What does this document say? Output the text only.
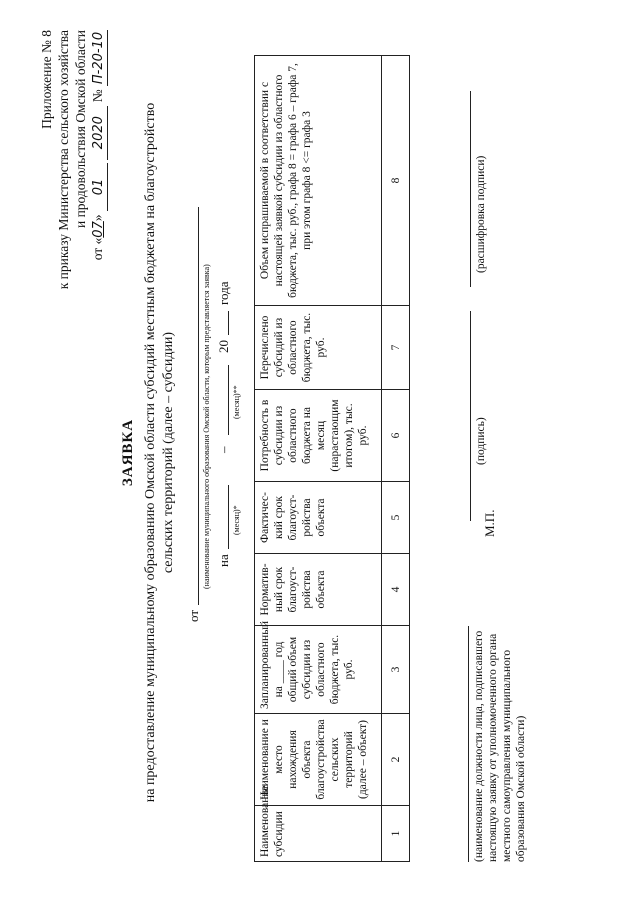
Приложение № 8 к приказу Министерства сельского хозяйства и продовольствия Омской области
от «07» 01 2020 № П-20-10
ЗАЯВКА на предоставление муниципальному образованию Омской области субсидий местным бюджетам на благоустройство сельских территорий (далее – субсидии)
от
(наименование муниципального образования Омской области, которым представляется заявка) на
(месяц)*
–
(месяц)**
20
года
Наименование субсидии	Наименование и место нахождения объекта благоустройства сельских территорий (далее – объект)	Запланированный на ____ год общий объем субсидии из областного бюджета, тыс. руб.	Норматив-ный срок благоуст-ройства объекта	Фактичес-кий срок благоуст-ройства объекта	Потребность в субсидии из областного бюджета на месяц (нарастающим итогом), тыс. руб.	Перечислено субсидий из областного бюджета, тыс. руб.	Объем испрашиваемой в соответствии с настоящей заявкой субсидии из областного бюджета, тыс. руб., графа 8 = графа 6 – графа 7, при этом графа 8 <= графа 3
1	2	3	4	5	6	7	8
(наименование должности лица, подписавшего настоящую заявку от уполномоченного органа местного самоуправления муниципального образования Омской области)
М.П.
(подпись)
(расшифровка подписи)
